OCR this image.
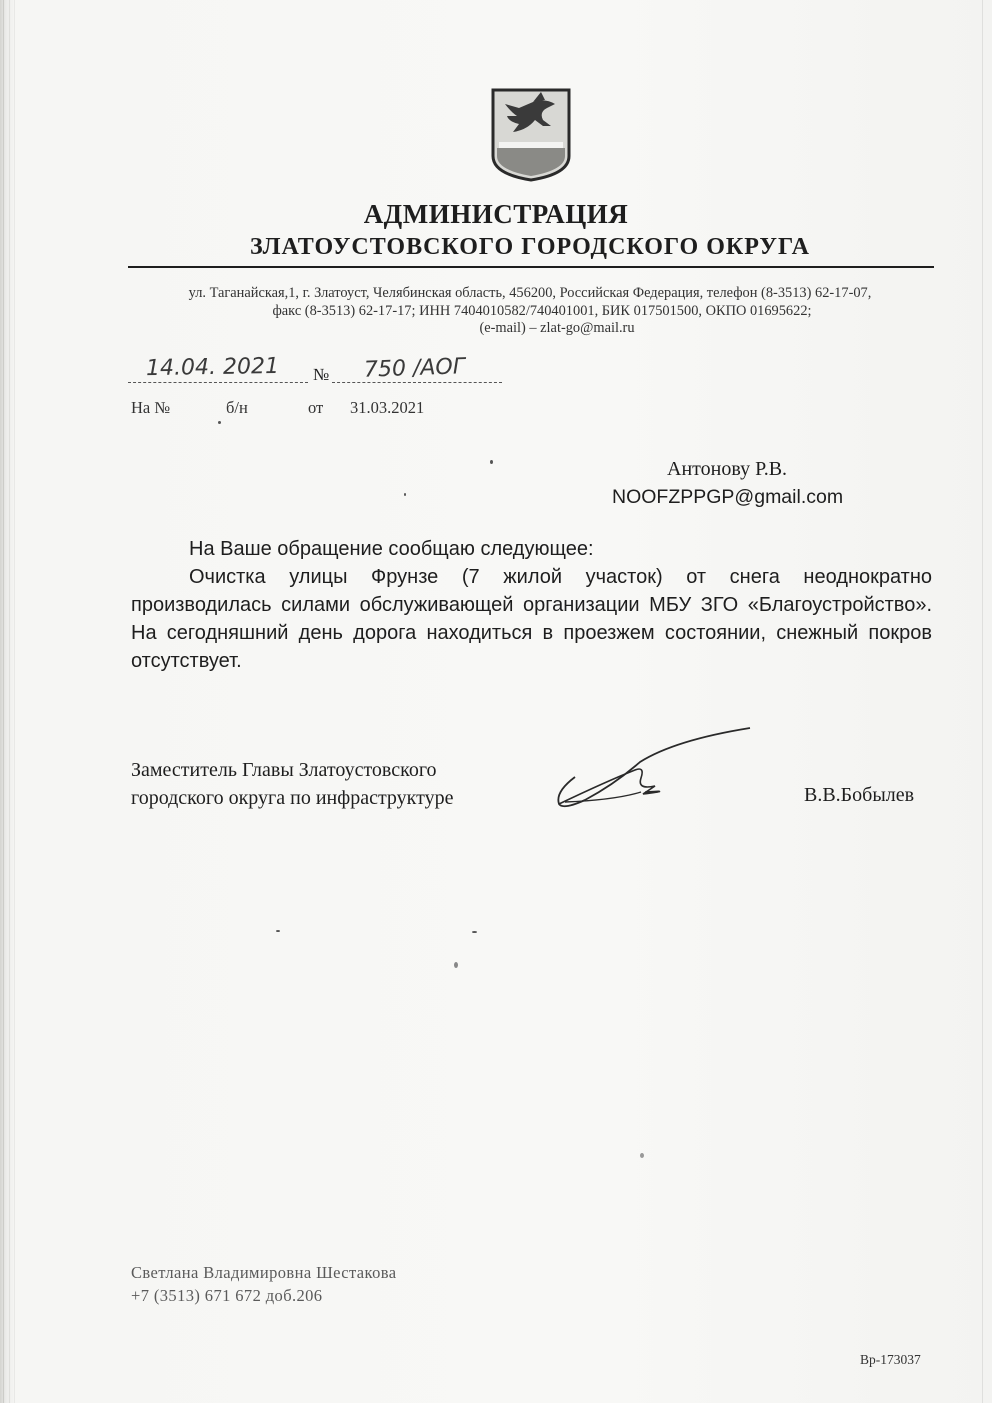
АДМИНИСТРАЦИЯ
ЗЛАТОУСТОВСКОГО ГОРОДСКОГО ОКРУГА
ул. Таганайская,1, г. Златоуст, Челябинская область, 456200, Российская Федерация, телефон (8-3513) 62-17-07,
факс (8-3513) 62-17-17; ИНН 7404010582/740401001, БИК 017501500, ОКПО 01695622;
(e-mail) – zlat-go@mail.ru
14.04. 2021 № 750 /АОГ
На №	б/н	от 31.03.2021
Антонову Р.В.
NOOFZPPGP@gmail.com

На Ваше обращение сообщаю следующее:

Очистка улицы Фрунзе (7 жилой участок) от снега неоднократно производилась силами обслуживающей организации МБУ ЗГО «Благоустройство». На сегодняшний день дорога находиться в проезжем состоянии, снежный покров отсутствует.

Заместитель Главы Златоустовского
городского округа по инфраструктуре	В.В.Бобылев
Светлана Владимировна Шестакова
+7 (3513) 671 672 доб.206
Вр-173037
